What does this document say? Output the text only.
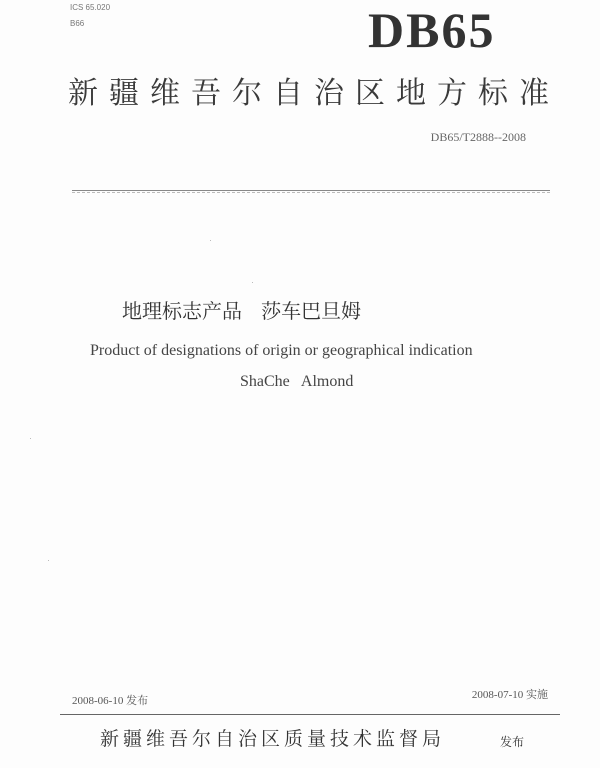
ICS 65.020
B66	DB65
新疆维吾尔自治区地方标准
DB65/T2888--2008
地理标志产品   莎车巴旦姆
Product of designations of origin or geographical indication
ShaChe   Almond
2008-06-10 发布	2008-07-10 实施
新疆维吾尔自治区质量技术监督局	发布
